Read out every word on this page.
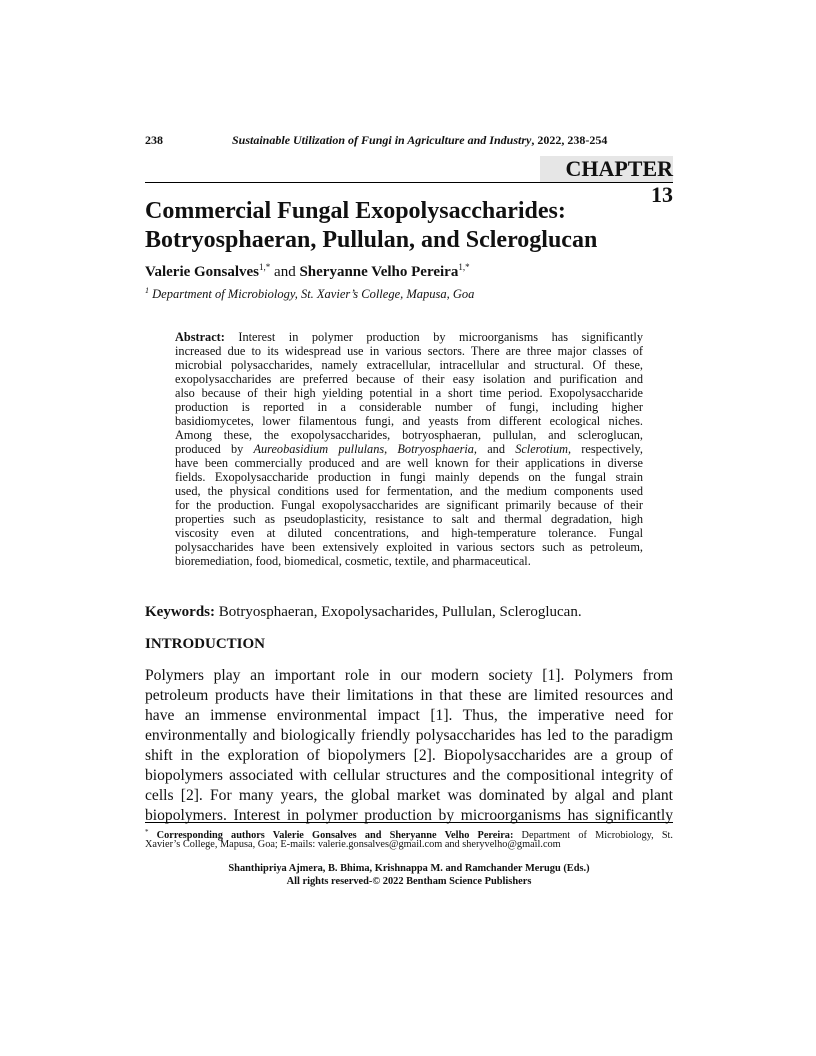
238	Sustainable Utilization of Fungi in Agriculture and Industry, 2022, 238-254
CHAPTER 13
Commercial Fungal Exopolysaccharides:
Botryosphaeran, Pullulan, and Scleroglucan
Valerie Gonsalves$^{1,*}$ and Sheryanne Velho Pereira$^{1,*}$
$^1$ Department of Microbiology, St. Xavier’s College, Mapusa, Goa
Abstract: Interest in polymer production by microorganisms has significantly
increased due to its widespread use in various sectors. There are three major classes of
microbial polysaccharides, namely extracellular, intracellular and structural. Of these,
exopolysaccharides are preferred because of their easy isolation and purification and
also because of their high yielding potential in a short time period. Exopolysaccharide
production is reported in a considerable number of fungi, including higher
basidiomycetes, lower filamentous fungi, and yeasts from different ecological niches.
Among these, the exopolysaccharides, botryosphaeran, pullulan, and scleroglucan,
produced by Aureobasidium pullulans, Botryosphaeria, and Sclerotium, respectively,
have been commercially produced and are well known for their applications in diverse
fields. Exopolysaccharide production in fungi mainly depends on the fungal strain
used, the physical conditions used for fermentation, and the medium components used
for the production. Fungal exopolysaccharides are significant primarily because of their
properties such as pseudoplasticity, resistance to salt and thermal degradation, high
viscosity even at diluted concentrations, and high-temperature tolerance. Fungal
polysaccharides have been extensively exploited in various sectors such as petroleum,
bioremediation, food, biomedical, cosmetic, textile, and pharmaceutical.
Keywords: Botryosphaeran, Exopolysacharides, Pullulan, Scleroglucan.
INTRODUCTION
Polymers play an important role in our modern society [1]. Polymers from
petroleum products have their limitations in that these are limited resources and
have an immense environmental impact [1]. Thus, the imperative need for
environmentally and biologically friendly polysaccharides has led to the paradigm
shift in the exploration of biopolymers [2]. Biopolysaccharides are a group of
biopolymers associated with cellular structures and the compositional integrity of
cells [2]. For many years, the global market was dominated by algal and plant
biopolymers. Interest in polymer production by microorganisms has significantly
* Corresponding authors Valerie Gonsalves and Sheryanne Velho Pereira: Department of Microbiology, St.
Xavier’s College, Mapusa, Goa; E-mails: valerie.gonsalves@gmail.com and sheryvelho@gmail.com
Shanthipriya Ajmera, B. Bhima, Krishnappa M. and Ramchander Merugu (Eds.)
All rights reserved-© 2022 Bentham Science Publishers
